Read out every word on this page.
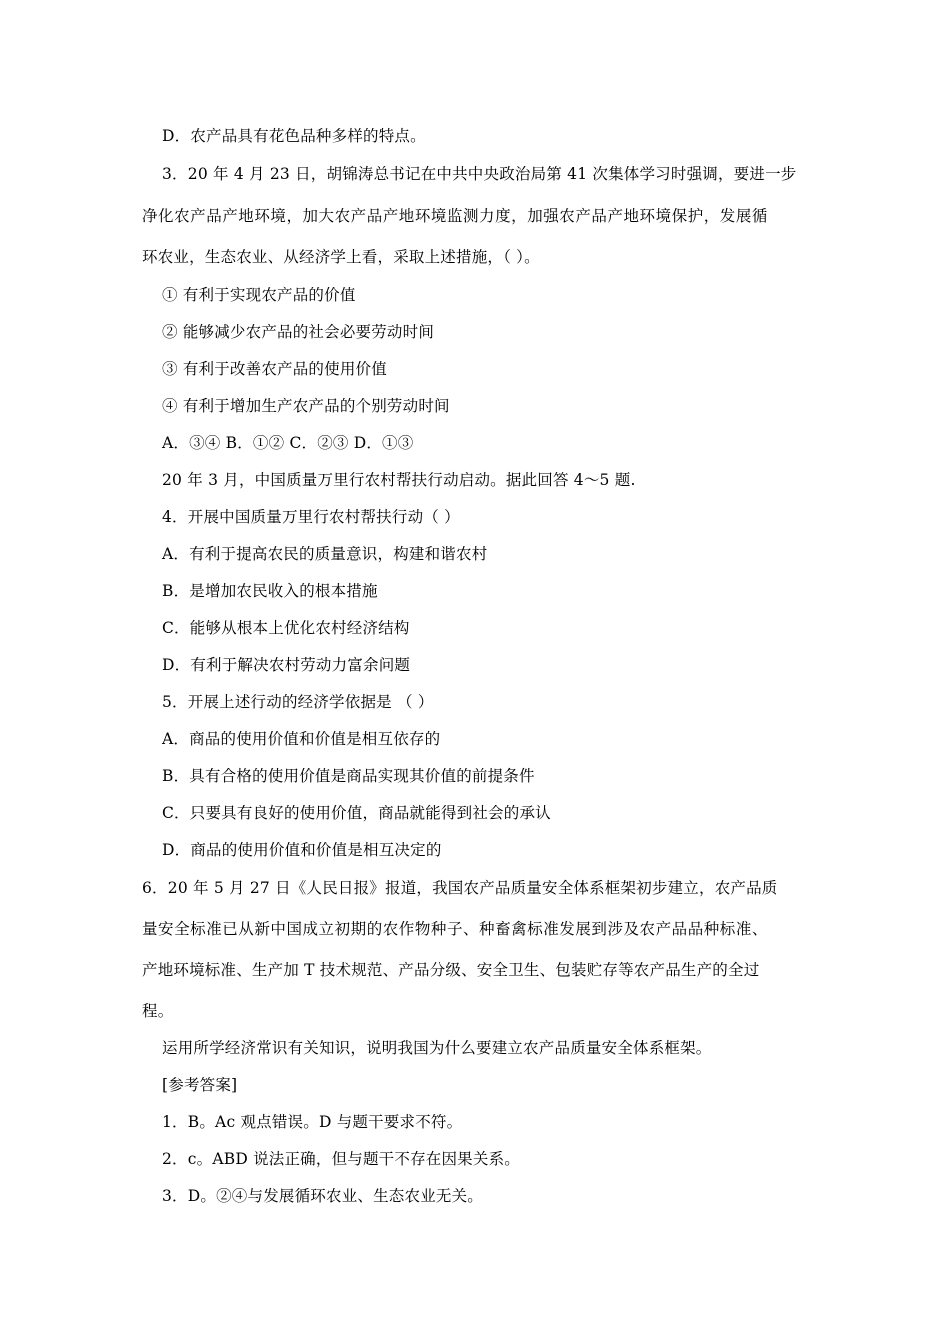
D．农产品具有花色品种多样的特点。
3．20 年 4 月 23 日，胡锦涛总书记在中共中央政治局第 41 次集体学习时强调，要进一步
净化农产品产地环境，加大农产品产地环境监测力度，加强农产品产地环境保护，发展循
环农业，生态农业、从经济学上看，采取上述措施，（ ）。
① 有利于实现农产品的价值
② 能够减少农产品的社会必要劳动时间
③ 有利于改善农产品的使用价值
④ 有利于增加生产农产品的个别劳动时间
A．③④ B．①② C．②③ D．①③
20 年 3 月，中国质量万里行农村帮扶行动启动。据此回答 4～5 题.
4．开展中国质量万里行农村帮扶行动（ ）
A．有利于提高农民的质量意识，构建和谐农村
B．是增加农民收入的根本措施
C．能够从根本上优化农村经济结构
D．有利于解决农村劳动力富余问题
5．开展上述行动的经济学依据是 （ ）
A．商品的使用价值和价值是相互依存的
B．具有合格的使用价值是商品实现其价值的前提条件
C．只要具有良好的使用价值，商品就能得到社会的承认
D．商品的使用价值和价值是相互决定的
6．20 年 5 月 27 日《人民日报》报道，我国农产品质量安全体系框架初步建立，农产品质
量安全标准已从新中国成立初期的农作物种子、种畜禽标准发展到涉及农产品品种标准、
产地环境标准、生产加 T 技术规范、产品分级、安全卫生、包装贮存等农产品生产的全过
程。
运用所学经济常识有关知识，说明我国为什么要建立农产品质量安全体系框架。
[参考答案]
1．B。Ac 观点错误。D 与题干要求不符。
2．c。ABD 说法正确，但与题干不存在因果关系。
3．D。②④与发展循环农业、生态农业无关。
